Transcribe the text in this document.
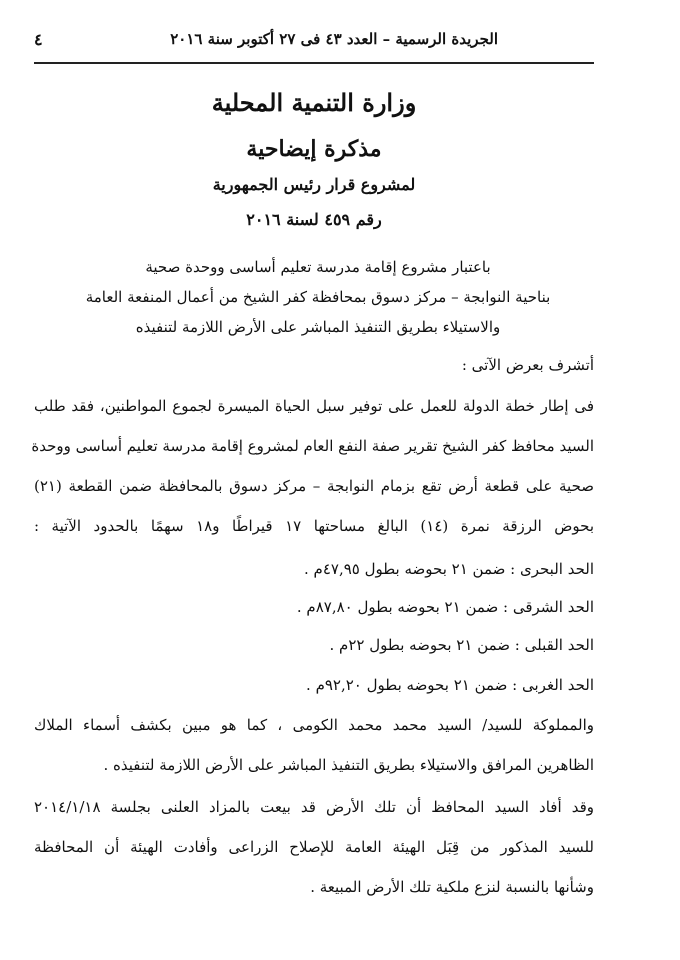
الجريدة الرسمية – العدد ٤٣ فى ٢٧ أكتوبر سنة ٢٠١٦
٤
وزارة التنمية المحلية
مذكرة إيضاحية
لمشروع قرار رئيس الجمهورية
رقم ٤٥٩ لسنة ٢٠١٦
باعتبار مشروع إقامة مدرسة تعليم أساسى ووحدة صحية
بناحية النوابجة – مركز دسوق بمحافظة كفر الشيخ من أعمال المنفعة العامة
والاستيلاء بطريق التنفيذ المباشر على الأرض اللازمة لتنفيذه
أتشرف بعرض الآتى :
فى إطار خطة الدولة للعمل على توفير سبل الحياة الميسرة لجموع المواطنين، فقد طلب
السيد محافظ كفر الشيخ تقرير صفة النفع العام لمشروع إقامة مدرسة تعليم أساسى ووحدة
صحية على قطعة أرض تقع بزمام النوابجة – مركز دسوق بالمحافظة ضمن القطعة (٢١)
بحوض الرزقة نمرة (١٤) البالغ مساحتها ١٧ قيراطًا و١٨ سهمًا بالحدود الآتية :
الحد البحرى : ضمن ٢١ بحوضه بطول ٤٧,٩٥م .
الحد الشرقى : ضمن ٢١ بحوضه بطول ٨٧,٨٠م .
الحد القبلى : ضمن ٢١ بحوضه بطول ٢٢م .
الحد الغربى : ضمن ٢١ بحوضه بطول ٩٢,٢٠م .
والمملوكة للسيد/ السيد محمد محمد الكومى ، كما هو مبين بكشف أسماء الملاك
الظاهرين المرافق والاستيلاء بطريق التنفيذ المباشر على الأرض اللازمة لتنفيذه .
وقد أفاد السيد المحافظ أن تلك الأرض قد بيعت بالمزاد العلنى بجلسة ٢٠١٤/١/١٨
للسيد المذكور من قِبَل الهيئة العامة للإصلاح الزراعى وأفادت الهيئة أن المحافظة
وشأنها بالنسبة لنزع ملكية تلك الأرض المبيعة .
